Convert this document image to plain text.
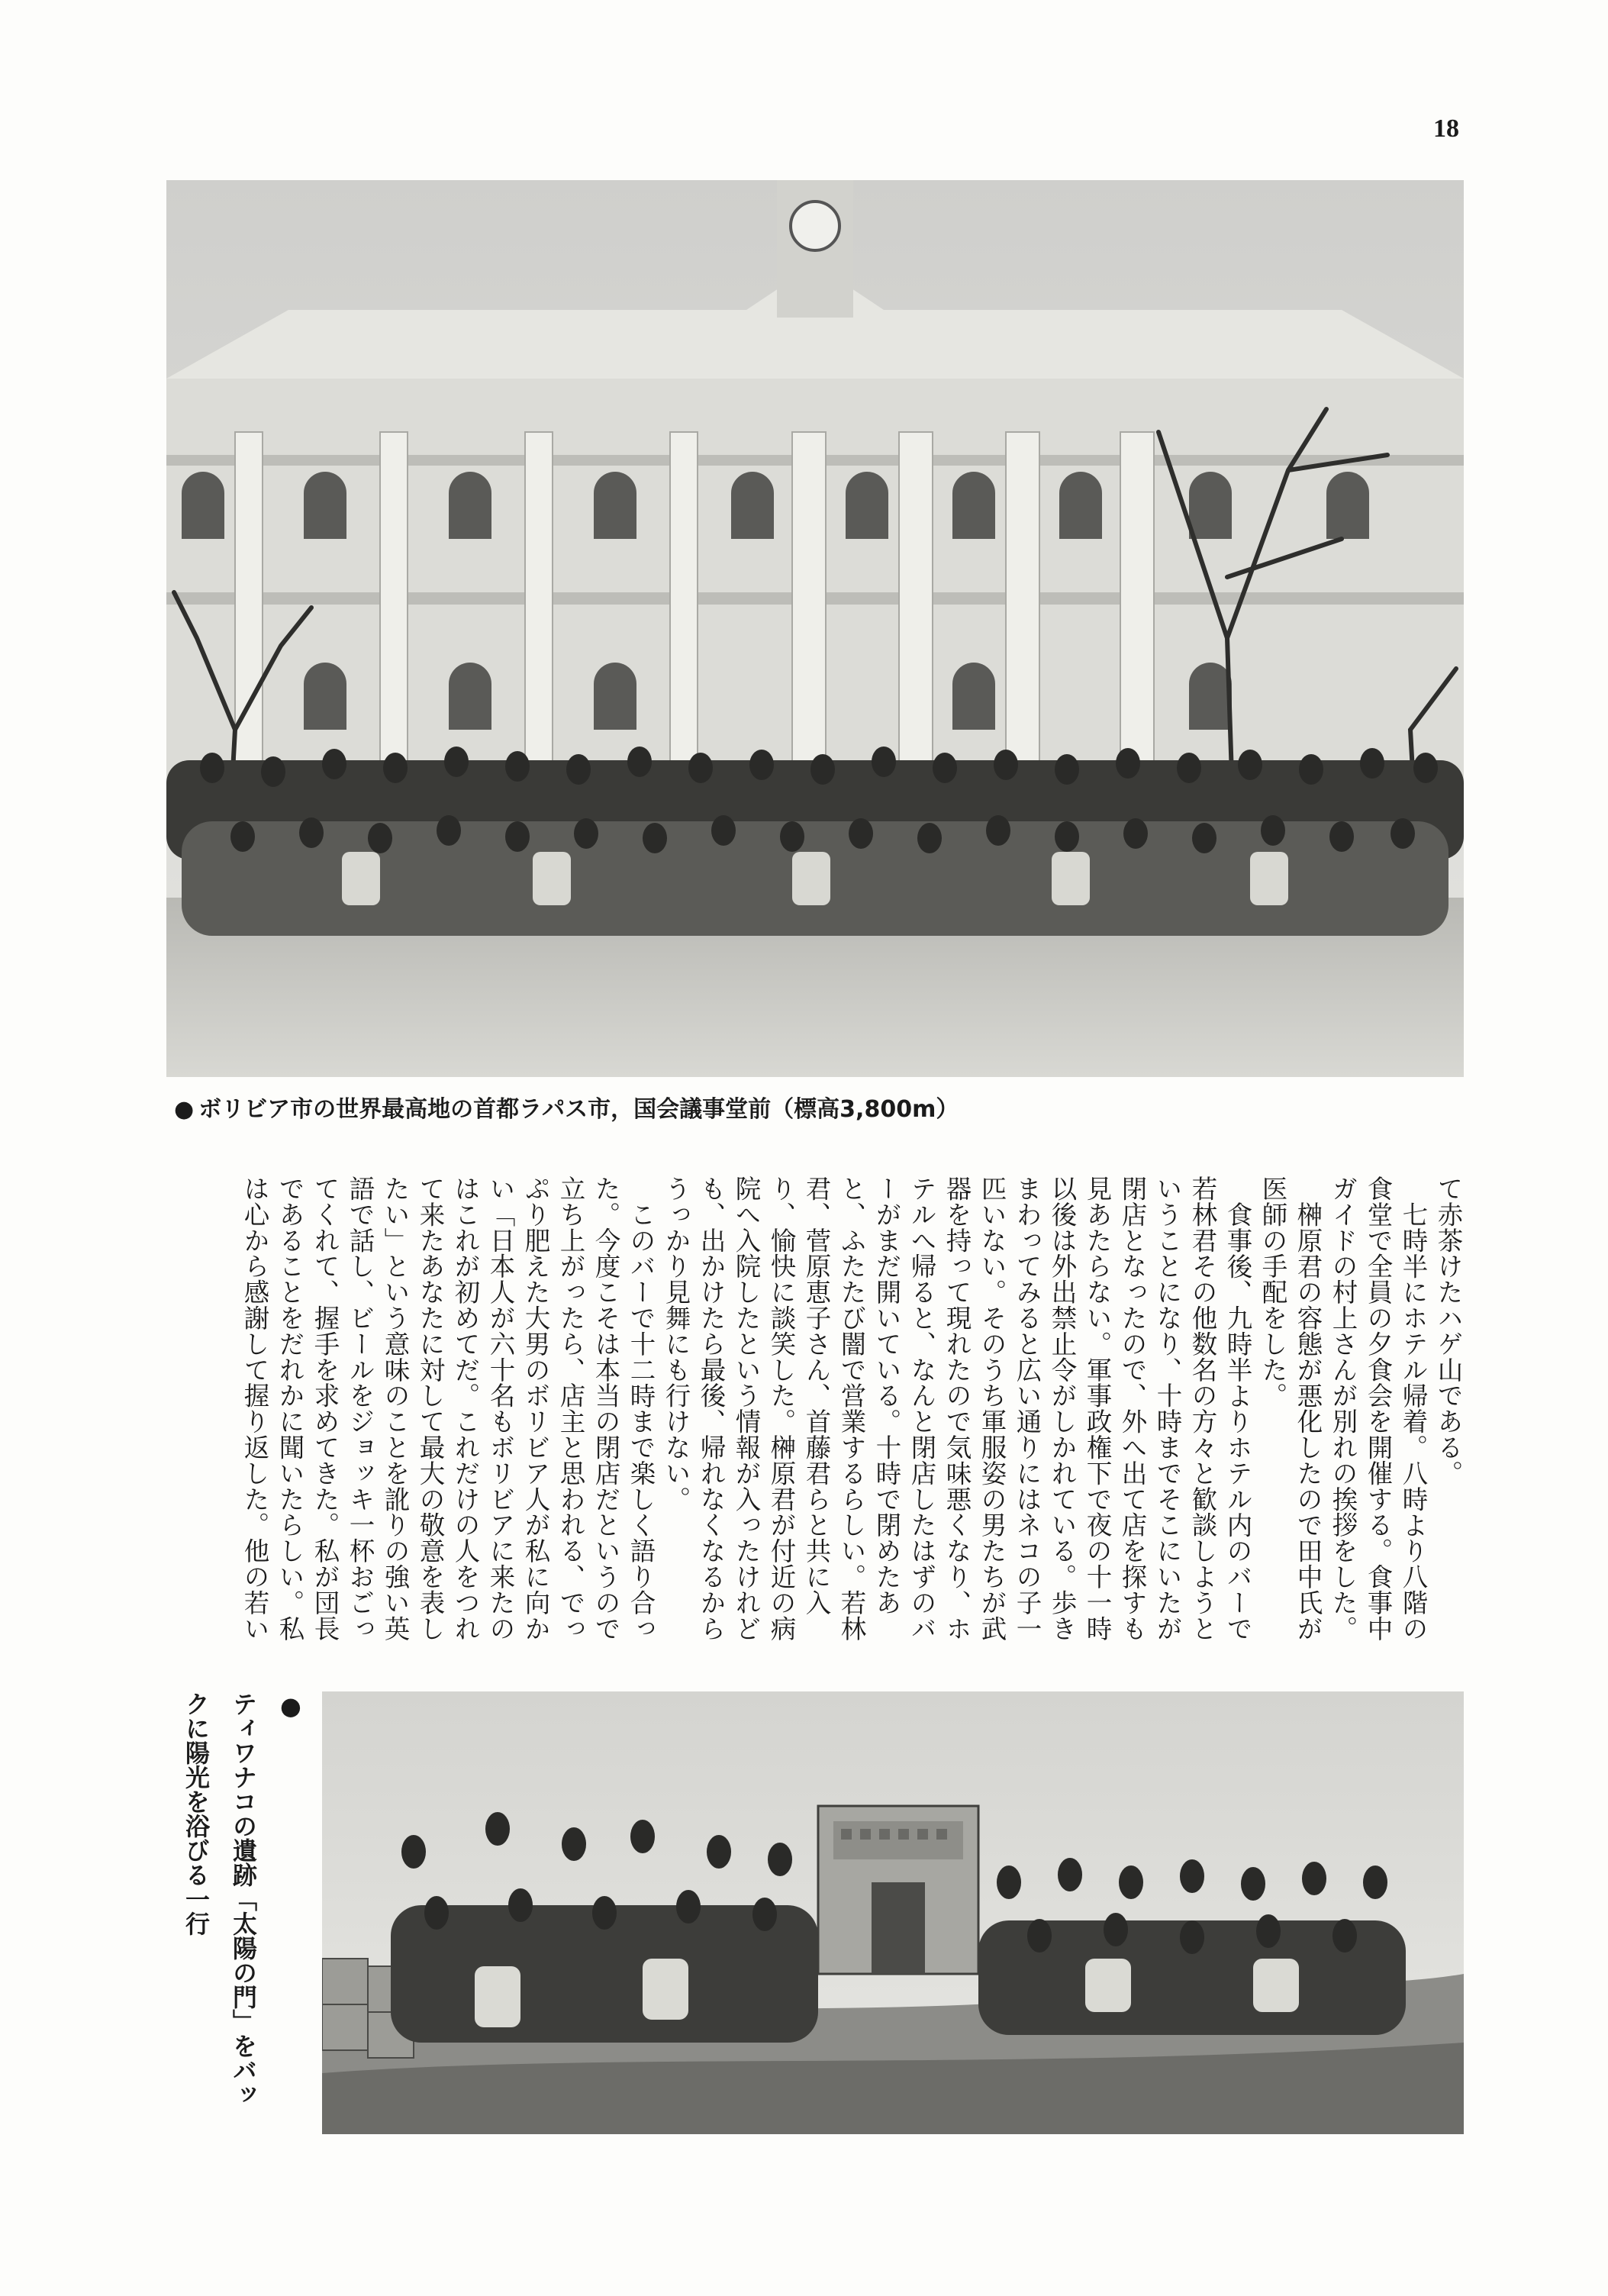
18
● ボリビア市の世界最高地の首都ラパス市，国会議事堂前（標高3,800m）

て赤茶けたハゲ山である。

七時半にホテル帰着。八時より八階の食堂で全員の夕食会を開催する。食事中ガイドの村上さんが別れの挨拶をした。

榊原君の容態が悪化したので田中氏が医師の手配をした。

食事後、九時半よりホテル内のバーで若林君その他数名の方々と歓談しようということになり、十時までそこにいたが閉店となったので、外へ出て店を探すも見あたらない。軍事政権下で夜の十一時以後は外出禁止令がしかれている。歩きまわってみると広い通りにはネコの子一匹いない。そのうち軍服姿の男たちが武器を持って現れたので気味悪くなり、ホテルへ帰ると、なんと閉店したはずのバーがまだ開いている。十時で閉めたあと、ふたたび闇で営業するらしい。若林君、菅原恵子さん、首藤君らと共に入り、愉快に談笑した。榊原君が付近の病院へ入院したという情報が入ったけれども、出かけたら最後、帰れなくなるからうっかり見舞にも行けない。

このバーで十二時まで楽しく語り合った。今度こそは本当の閉店だというので立ち上がったら、店主と思われる、でっぷり肥えた大男のボリビア人が私に向かい「日本人が六十名もボリビアに来たのはこれが初めてだ。これだけの人をつれて来たあなたに対して最大の敬意を表したい」という意味のことを訛りの強い英語で話し、ビールをジョッキ一杯おごってくれて、握手を求めてきた。私が団長であることをだれかに聞いたらしい。私は心から感謝して握り返した。他の若い

●
ティワナコの遺跡「太陽の門」をバッ
クに陽光を浴びる一行
